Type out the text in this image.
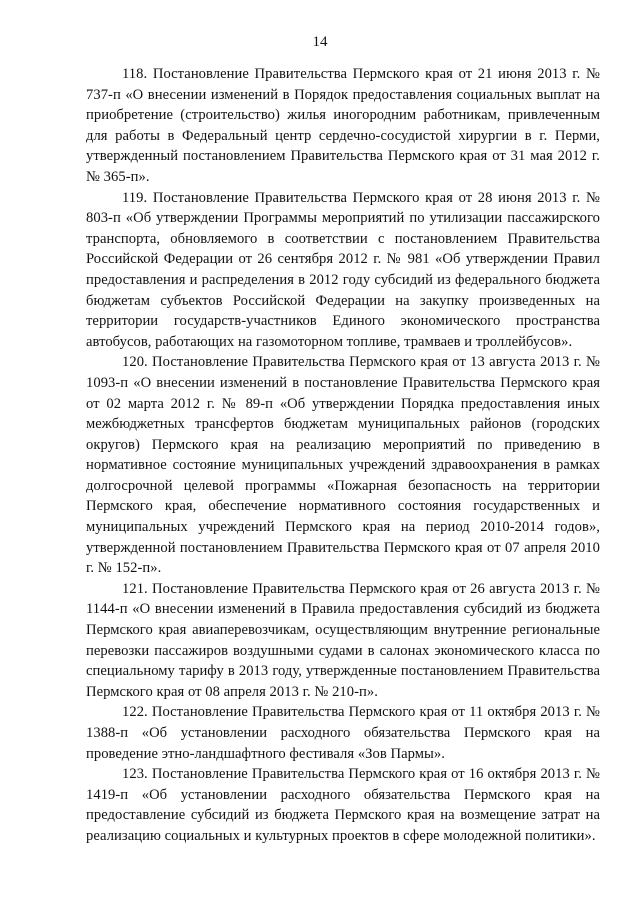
14

118. Постановление Правительства Пермского края от 21 июня 2013 г. № 737-п «О внесении изменений в Порядок предоставления социальных выплат на приобретение (строительство) жилья иногородним работникам, привлеченным для работы в Федеральный центр сердечно-сосудистой хирургии в г. Перми, утвержденный постановлением Правительства Пермского края от 31 мая 2012 г. № 365-п».

119. Постановление Правительства Пермского края от 28 июня 2013 г. № 803-п «Об утверждении Программы мероприятий по утилизации пассажирского транспорта, обновляемого в соответствии с постановлением Правительства Российской Федерации от 26 сентября 2012 г. № 981 «Об утверждении Правил предоставления и распределения в 2012 году субсидий из федерального бюджета бюджетам субъектов Российской Федерации на закупку произведенных на территории государств-участников Единого экономического пространства автобусов, работающих на газомоторном топливе, трамваев и троллейбусов».

120. Постановление Правительства Пермского края от 13 августа 2013 г. № 1093-п «О внесении изменений в постановление Правительства Пермского края от 02 марта 2012 г. № 89-п «Об утверждении Порядка предоставления иных межбюджетных трансфертов бюджетам муниципальных районов (городских округов) Пермского края на реализацию мероприятий по приведению в нормативное состояние муниципальных учреждений здравоохранения в рамках долгосрочной целевой программы «Пожарная безопасность на территории Пермского края, обеспечение нормативного состояния государственных и муниципальных учреждений Пермского края на период 2010-2014 годов», утвержденной постановлением Правительства Пермского края от 07 апреля 2010 г. № 152-п».

121. Постановление Правительства Пермского края от 26 августа 2013 г. № 1144-п «О внесении изменений в Правила предоставления субсидий из бюджета Пермского края авиаперевозчикам, осуществляющим внутренние региональные перевозки пассажиров воздушными судами в салонах экономического класса по специальному тарифу в 2013 году, утвержденные постановлением Правительства Пермского края от 08 апреля 2013 г. № 210-п».

122. Постановление Правительства Пермского края от 11 октября 2013 г. № 1388-п «Об установлении расходного обязательства Пермского края на проведение этно-ландшафтного фестиваля «Зов Пармы».

123. Постановление Правительства Пермского края от 16 октября 2013 г. № 1419-п «Об установлении расходного обязательства Пермского края на предоставление субсидий из бюджета Пермского края на возмещение затрат на реализацию социальных и культурных проектов в сфере молодежной политики».
